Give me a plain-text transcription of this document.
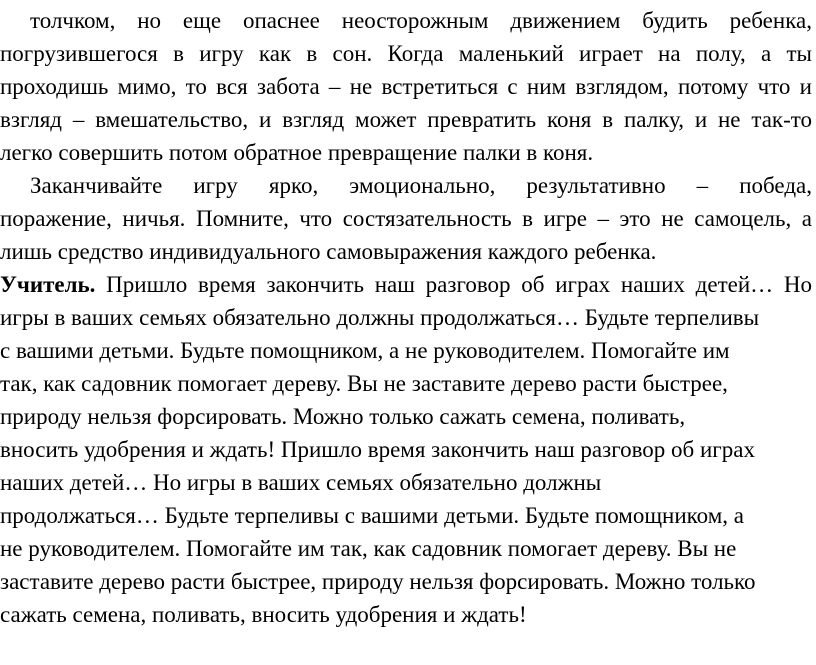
толчком, но еще опаснее неосторожным движением будить ребенка,
погрузившегося в игру как в сон. Когда маленький играет на полу, а ты
проходишь мимо, то вся забота – не встретиться с ним взглядом, потому что и
взгляд – вмешательство, и взгляд может превратить коня в палку, и не так-то
легко совершить потом обратное превращение палки в коня.
Заканчивайте игру ярко, эмоционально, результативно – победа,
поражение, ничья. Помните, что состязательность в игре – это не самоцель, а
лишь средство индивидуального самовыражения каждого ребенка.
Учитель. Пришло время закончить наш разговор об играх наших детей… Но
игры в ваших семьях обязательно должны продолжаться… Будьте терпеливы
с вашими детьми. Будьте помощником, а не руководителем. Помогайте им
так, как садовник помогает дереву. Вы не заставите дерево расти быстрее,
природу нельзя форсировать. Можно только сажать семена, поливать,
вносить удобрения и ждать! Пришло время закончить наш разговор об играх
наших детей… Но игры в ваших семьях обязательно должны
продолжаться… Будьте терпеливы с вашими детьми. Будьте помощником, а
не руководителем. Помогайте им так, как садовник помогает дереву. Вы не
заставите дерево расти быстрее, природу нельзя форсировать. Можно только
сажать семена, поливать, вносить удобрения и ждать!
